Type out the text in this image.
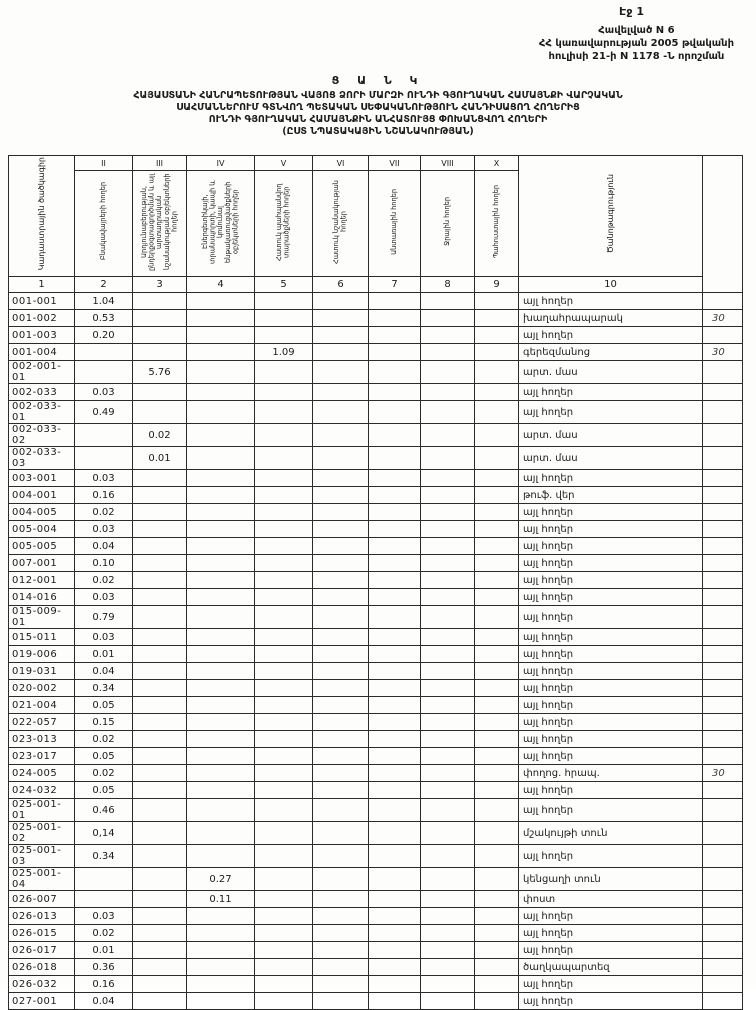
Էջ 1
Հավելված N 6
ՀՀ կառավարության 2005 թվականի
հուլիսի 21-ի N 1178 -Ն որոշման
Ց Ա Ն Կ
ՀԱՅԱՍՏԱՆԻ ՀԱՆՐԱՊԵՏՈՒԹՅԱՆ ՎԱՅՈՑ ՁՈՐԻ ՄԱՐԶԻ ՈՒՆԴԻ ԳՅՈՒՂԱԿԱՆ ՀԱՄԱՅՆՔԻ ՎԱՐՉԱԿԱՆ
ՍԱՀՄԱՆՆԵՐՈՒՄ ԳՏՆՎՈՂ ՊԵՏԱԿԱՆ ՍԵՓԱԿԱՆՈՒԹՅՈՒՆ ՀԱՆԴԻՍԱՑՈՂ ՀՈՂԵՐԻՑ
ՈՒՆԴԻ ԳՅՈՒՂԱԿԱՆ ՀԱՄԱՅՆՔԻՆ ԱՆՀԱՏՈՒՅՑ ՓՈԽԱՆՑՎՈՂ ՀՈՂԵՐԻ
(ԸՍՏ ՆՊԱՏԱԿԱՅԻՆ ՆՇԱՆԱԿՈՒԹՅԱՆ)
Կադաստրային ծածկագիր	II	III	IV	V	VI	VII	VIII	X	Ծանոթագրություն	
	Բնակավայրերի հողեր	Արդյունաբերության, ընդերքօգտագործման և այլ արտադրական նշանակության օբյեկտների հողեր	Էներգետիկայի, տրանսպորտի, կապի և կոմունալ ենթակառուցվածքների օբյեկտների հողեր	Հատուկ պահպանվող տարածքների հողեր	Հատուկ նշանակության հողեր	Անտառային հողեր	Ջրային հողեր	Պահուստային հողեր		
1	2	3	4	5	6	7	8	9	10	
001-001	1.04								այլ հողեր	
001-002	0.53								խաղահրապարակ	30
001-003	0.20								այլ հողեր	
001-004				1.09					գերեզմանոց	30
002-001-01		5.76							արտ. մաս	
002-033	0.03								այլ հողեր	
002-033-01	0.49								այլ հողեր	
002-033-02		0.02							արտ. մաս	
002-033-03		0.01							արտ. մաս	
003-001	0.03								այլ հողեր	
004-001	0.16								թուֆ. վեր	
004-005	0.02								այլ հողեր	
005-004	0.03								այլ հողեր	
005-005	0.04								այլ հողեր	
007-001	0.10								այլ հողեր	
012-001	0.02								այլ հողեր	
014-016	0.03								այլ հողեր	
015-009-01	0.79								այլ հողեր	
015-011	0.03								այլ հողեր	
019-006	0.01								այլ հողեր	
019-031	0.04								այլ հողեր	
020-002	0.34								այլ հողեր	
021-004	0.05								այլ հողեր	
022-057	0.15								այլ հողեր	
023-013	0.02								այլ հողեր	
023-017	0.05								այլ հողեր	
024-005	0.02								փողոց. հրապ.	30
024-032	0.05								այլ հողեր	
025-001-01	0.46								այլ հողեր	
025-001-02	0,14								մշակույթի տուն	
025-001-03	0.34								այլ հողեր	
025-001-04			0.27						կենցաղի տուն	
026-007			0.11						փոստ	
026-013	0.03								այլ հողեր	
026-015	0.02								այլ հողեր	
026-017	0.01								այլ հողեր	
026-018	0.36								ծաղկապարտեզ	
026-032	0.16								այլ հողեր	
027-001	0.04								այլ հողեր	
